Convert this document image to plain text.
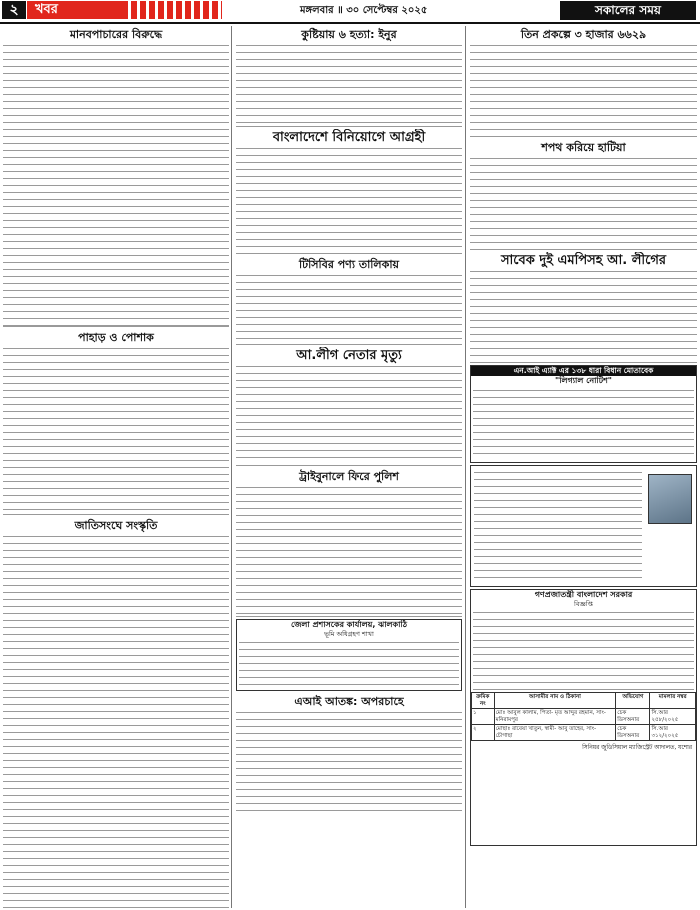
২	খবর	মঙ্গলবার ॥ ৩০ সেপ্টেম্বর ২০২৫	সকালের সময়
মানবপাচারের বিরুদ্ধে
পাহাড় ও পোশাক
জাতিসংঘে সংস্কৃতি
কুষ্টিয়ায় ৬ হত্যা: ইনুর
বাংলাদেশে বিনিয়োগে আগ্রহী
টিসিবির পণ্য তালিকায়
আ.লীগ নেতার মৃত্যু
ট্রাইবুনালে ফিরে পুলিশ
জেলা প্রশাসকের কার্যালয়, ঝালকাঠি
ভূমি অধিগ্রহণ শাখা
এআই আতঙ্ক: অপরচাহে
তিন প্রকল্পে ৩ হাজার ৬৬২৯
শপথ করিয়ে হাটিয়া
সাবেক দুই এমপিসহ আ. লীগের
এন.আই এ্যাক্ট এর ১৩৮ ধারা বিধান মোতাবেক
"লিগ্যাল নোটিশ"
গণপ্রজাতন্ত্রী বাংলাদেশ সরকার
বিজ্ঞপ্তি
ক্রমিক নং	আসামীর নাম ও ঠিকানা	অভিযোগ	মামলার নম্বর
১	মোঃ আবুল কালাম, পিতা- মৃত আব্দুর রহমান, সাং- মনিরামপুর	চেক ডিসঅনার	সি.আর ২৫৮/২০২৫
২	মোছাঃ রাবেয়া খাতুন, স্বামী- আবু তাহের, সাং- চৌগাছা	চেক ডিসঅনার	সি.আর ৩১২/২০২৫
সিনিয়র জুডিসিয়াল ম্যাজিস্ট্রেট আদালত, যশোর
